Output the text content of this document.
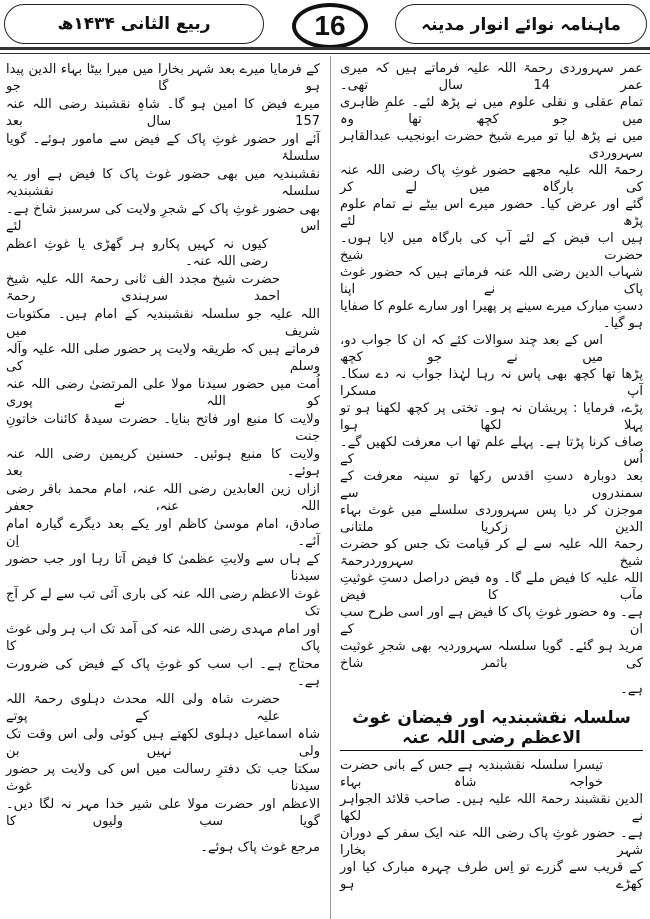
ماہنامہ نوائے انوار مدینہ
16
ربیع الثانی ۱۴۳۴ھ
عمر سہروردی رحمۃ اللہ علیہ فرماتے ہیں کہ میری عمر 14 سال تھی۔
تمام عقلی و نقلی علوم میں نے پڑھ لئے۔ علمِ ظاہری میں جو کچھ تھا وہ
میں نے پڑھ لیا تو میرے شیخ حضرت ابونجیب عبدالقاہر سہروردی
رحمۃ اللہ علیہ مجھے حضور غوثِ پاک رضی اللہ عنہ کی بارگاہ میں لے کر
گئے اور عرض کیا۔ حضور میرے اس بیٹے نے تمام علوم پڑھ لئے
ہیں اب فیض کے لئے آپ کی بارگاہ میں لایا ہوں۔ حضرت شیخ
شہاب الدین رضی اللہ عنہ فرماتے ہیں کہ حضور غوث پاک نے اپنا
دستِ مبارک میرے سینے پر پھیرا اور سارے علوم کا صفایا ہو گیا۔
اس کے بعد چند سوالات کئے کہ ان کا جواب دو، میں نے جو کچھ
پڑھا تھا کچھ بھی پاس نہ رہا لہٰذا جواب نہ دے سکا۔ آپ مسکرا
پڑے، فرمایا : پریشان نہ ہو۔ تختی پر کچھ لکھنا ہو تو پہلا لکھا ہوا
صاف کرنا پڑتا ہے۔ پہلے علم تھا اب معرفت لکھیں گے۔ اُس کے
بعد دوبارہ دستِ اقدس رکھا تو سینہ معرفت کے سمندروں سے
موجزن کر دیا پس سہروردی سلسلے میں غوث بہاء الدین زکریا ملتانی
رحمۃ اللہ علیہ سے لے کر قیامت تک جس کو حضرت شیخ سہروردرحمۃ
اللہ علیہ کا فیض ملے گا۔ وہ فیض دراصل دستِ غوثیتِ مآب کا فیض
ہے۔ وہ حضور غوثِ پاک کا فیض ہے اور اسی طرح سب ان کے
مرید ہو گئے۔ گویا سلسلہ سہروردیہ بھی شجرِ غوثیت کی باثمر شاخ
ہے۔
سلسلہ نقشبندیہ اور فیضان غوث الاعظم رضی اللہ عنہ
تیسرا سلسلہ نقشبندیہ ہے جس کے بانی حضرت خواجہ شاہ بہاء
الدین نقشبند رحمۃ اللہ علیہ ہیں۔ صاحب قلائد الجواہر نے لکھا
ہے۔ حضور غوثِ پاک رضی اللہ عنہ ایک سفر کے دوران شہر بخارا
کے قریب سے گزرے تو اِس طرف چہرہ مبارک کیا اور کھڑے ہو
کے فرمایا میرے بعد شہر بخارا میں میرا بیٹا بہاء الدین پیدا ہو گا جو
میرے فیض کا امین ہو گا۔ شاہِ نقشبند رضی اللہ عنہ 157 سال بعد
آئے اور حضور غوثِ پاک کے فیض سے مامور ہوئے۔ گویا سلسلۂ
نقشبندیہ میں بھی حضور غوث پاک کا فیض ہے اور یہ سلسلہ نقشبندیہ
بھی حضور غوثِ پاک کے شجرِ ولایت کی سرسبز شاخ ہے۔ اس لئے
کیوں نہ کہیں پکارو ہر گھڑی یا غوثِ اعظم رضی اللہ عنہ۔
حضرت شیخ مجدد الف ثانی رحمۃ اللہ علیہ شیخ احمد سرہندی رحمۃ
اللہ علیہ جو سلسلہ نقشبندیہ کے امام ہیں۔ مکتوبات شریف میں
فرماتے ہیں کہ طریقہ ولایت پر حضور صلی اللہ علیہ وآلہ وسلم کی
اُمت میں حضور سیدنا مولا علی المرتضیٰ رضی اللہ عنہ کو اللہ نے پوری
ولایت کا منبع اور فاتح بنایا۔ حضرت سیدۂ کائنات خاتونِ جنت
ولایت کا منبع ہوئیں۔ حسنین کریمین رضی اللہ عنہ ہوئے۔ بعد
ازاں زین العابدین رضی اللہ عنہ، امام محمد باقر رضی اللہ عنہ، جعفر
صادق، امام موسیٰ کاظم اور یکے بعد دیگرے گیارہ امام آئے۔ اِن
کے ہاں سے ولایتِ عظمیٰ کا فیض آتا رہا اور جب حضور سیدنا
غوث الاعظم رضی اللہ عنہ کی باری آئی تب سے لے کر آج تک
اور امام مہدی رضی اللہ عنہ کی آمد تک اب ہر ولی غوث پاک کا
محتاج ہے۔ اب سب کو غوثِ پاک کے فیض کی ضرورت ہے۔
حضرت شاہ ولی اللہ محدث دہلوی رحمۃ اللہ علیہ کے پوتے
شاہ اسماعیل دہلوی لکھتے ہیں کوئی ولی اس وقت تک ولی نہیں بن
سکتا جب تک دفترِ رسالت میں اس کی ولایت پر حضور سیدنا غوث
الاعظم اور حضرت مولا علی شیر خدا مہر نہ لگا دیں۔ گویا سب ولیوں کا
مرجع غوث پاک ہوئے۔
